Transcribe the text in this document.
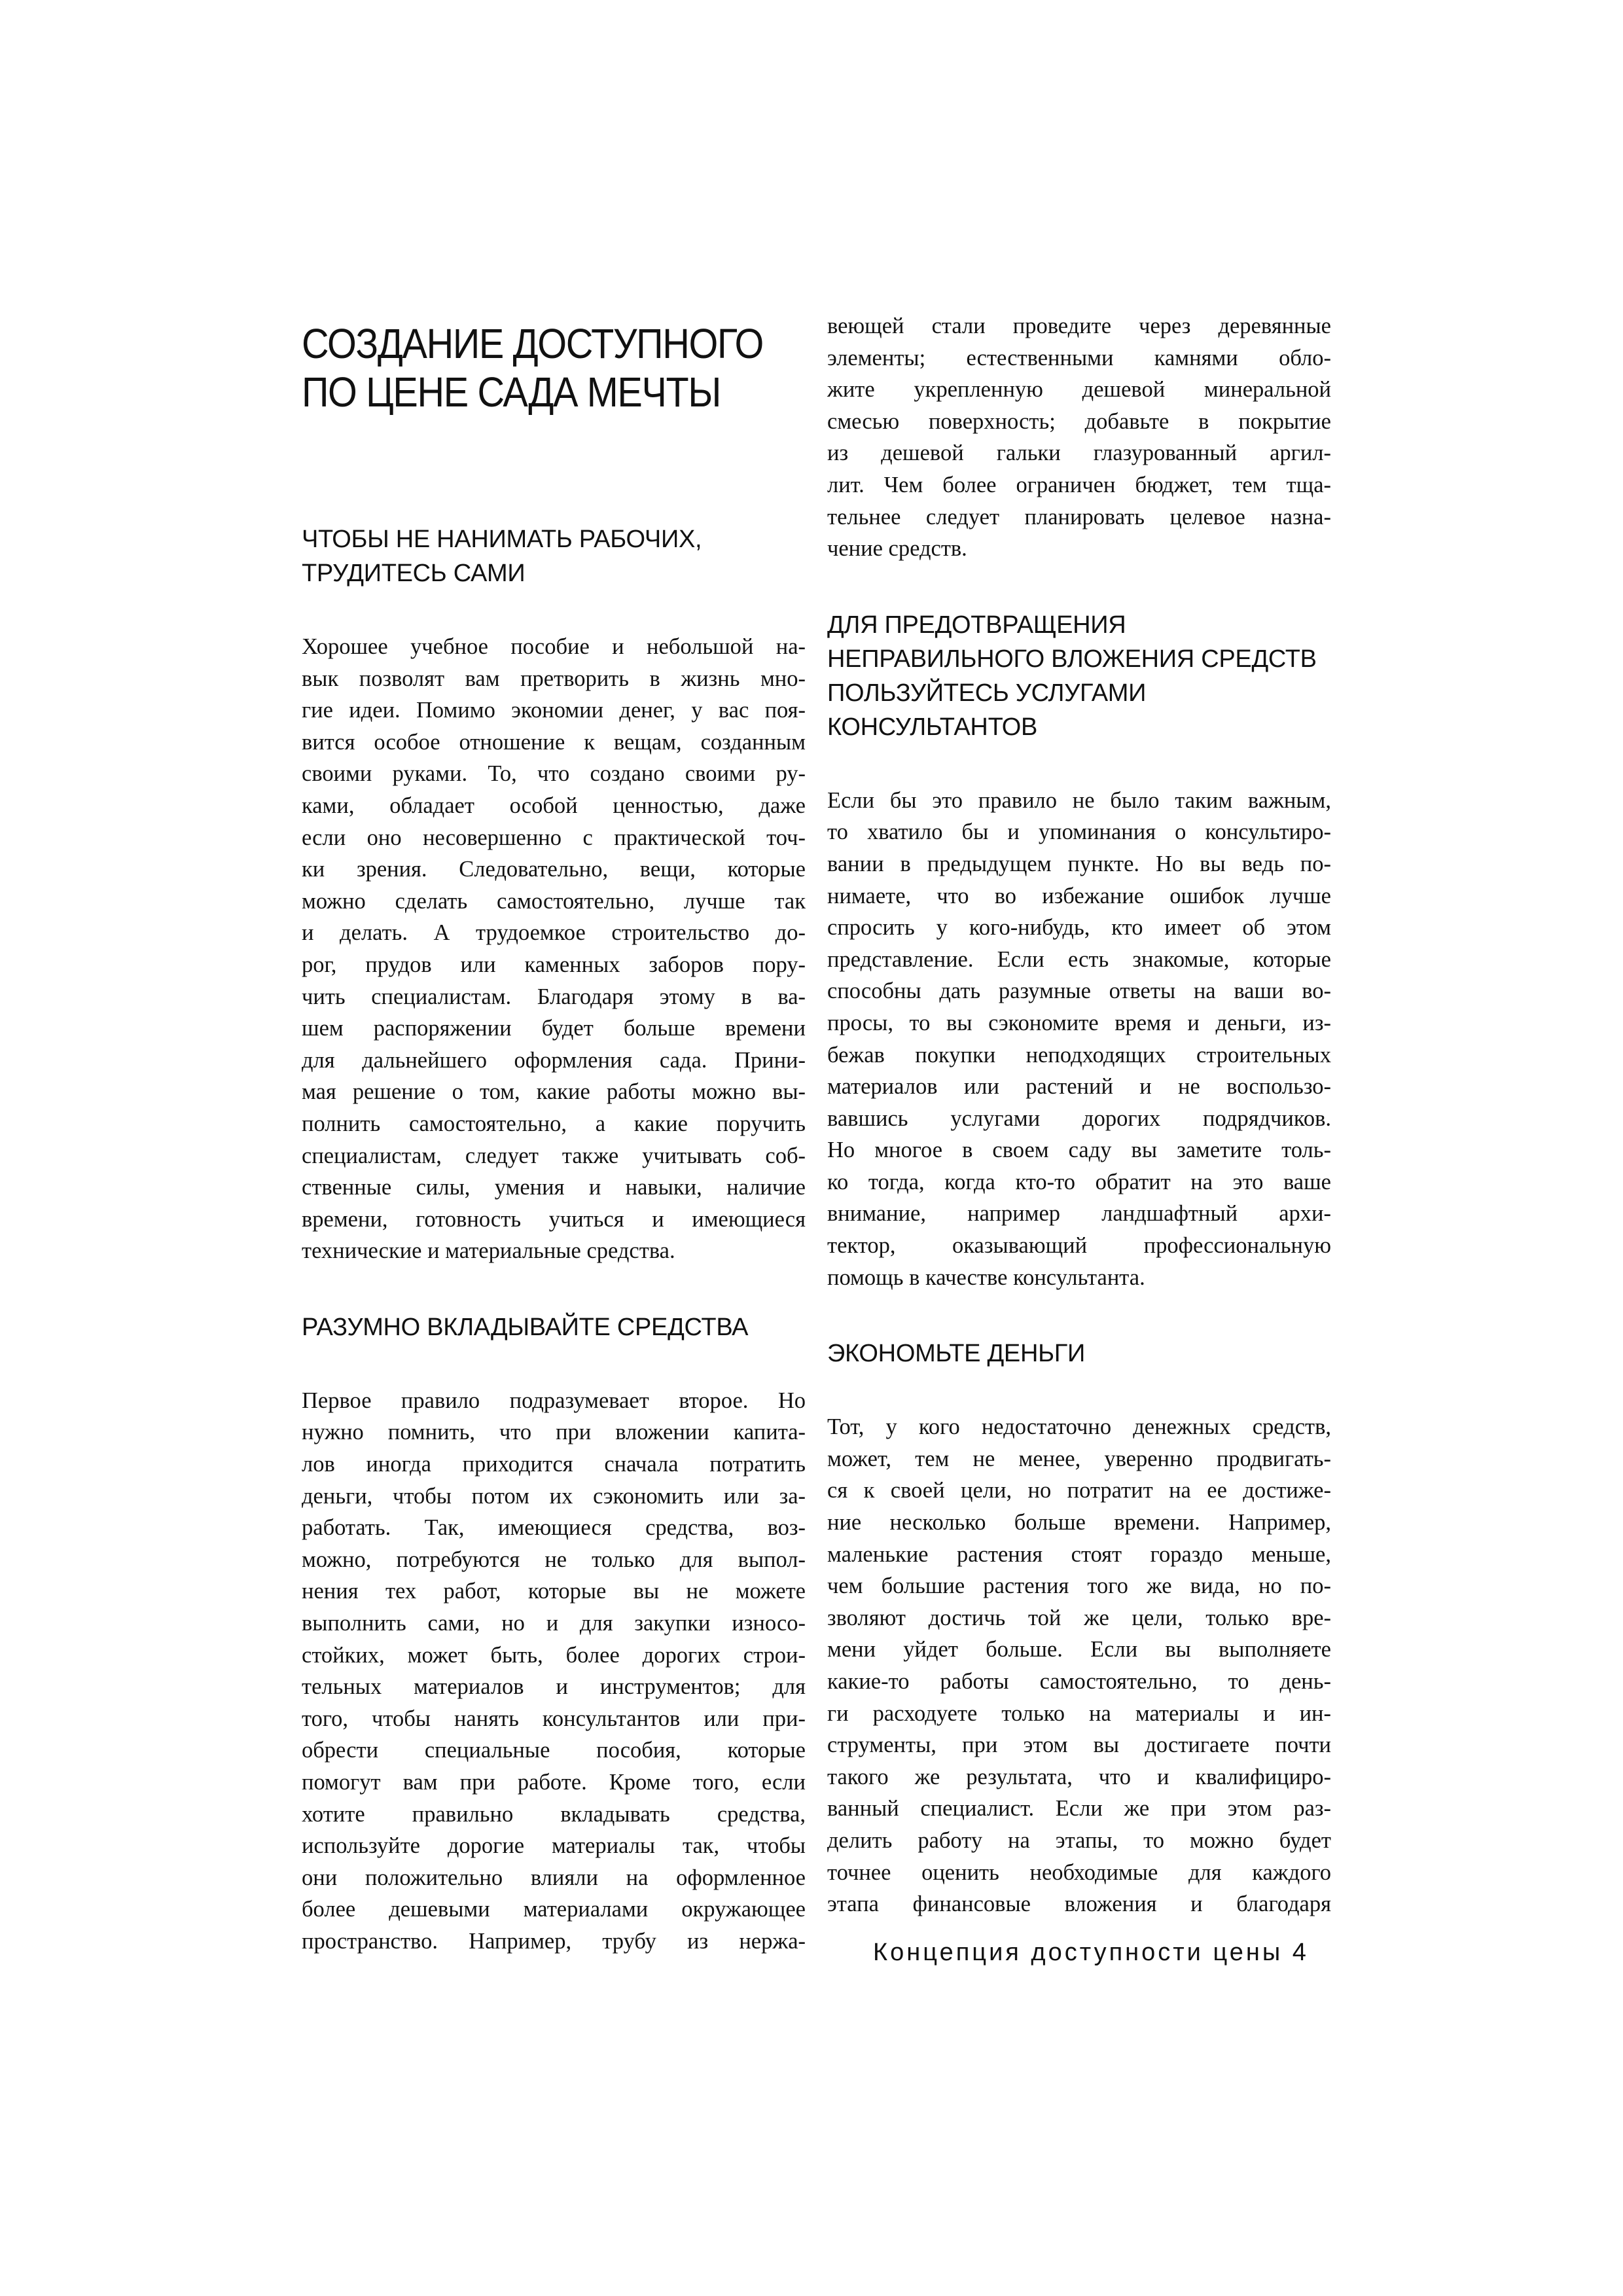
СОЗДАНИЕ ДОСТУПНОГО
ПО ЦЕНЕ САДА МЕЧТЫ
ЧТОБЫ НЕ НАНИМАТЬ РАБОЧИХ,
ТРУДИТЕСЬ САМИ
Хорошее учебное пособие и небольшой на-
вык позволят вам претворить в жизнь мно-
гие идеи. Помимо экономии денег, у вас поя-
вится особое отношение к вещам, созданным
своими руками. То, что создано своими ру-
ками, обладает особой ценностью, даже
если оно несовершенно с практической точ-
ки зрения. Следовательно, вещи, которые
можно сделать самостоятельно, лучше так
и делать. А трудоемкое строительство до-
рог, прудов или каменных заборов пору-
чить специалистам. Благодаря этому в ва-
шем распоряжении будет больше времени
для дальнейшего оформления сада. Прини-
мая решение о том, какие работы можно вы-
полнить самостоятельно, а какие поручить
специалистам, следует также учитывать соб-
ственные силы, умения и навыки, наличие
времени, готовность учиться и имеющиеся
технические и материальные средства.
РАЗУМНО ВКЛАДЫВАЙТЕ СРЕДСТВА
Первое правило подразумевает второе. Но
нужно помнить, что при вложении капита-
лов иногда приходится сначала потратить
деньги, чтобы потом их сэкономить или за-
работать. Так, имеющиеся средства, воз-
можно, потребуются не только для выпол-
нения тех работ, которые вы не можете
выполнить сами, но и для закупки износо-
стойких, может быть, более дорогих строи-
тельных материалов и инструментов; для
того, чтобы нанять консультантов или при-
обрести специальные пособия, которые
помогут вам при работе. Кроме того, если
хотите правильно вкладывать средства,
используйте дорогие материалы так, чтобы
они положительно влияли на оформленное
более дешевыми материалами окружающее
пространство. Например, трубу из нержа-
веющей стали проведите через деревянные
элементы; естественными камнями обло-
жите укрепленную дешевой минеральной
смесью поверхность; добавьте в покрытие
из дешевой гальки глазурованный аргил-
лит. Чем более ограничен бюджет, тем тща-
тельнее следует планировать целевое назна-
чение средств.
ДЛЯ ПРЕДОТВРАЩЕНИЯ
НЕПРАВИЛЬНОГО ВЛОЖЕНИЯ СРЕДСТВ
ПОЛЬЗУЙТЕСЬ УСЛУГАМИ
КОНСУЛЬТАНТОВ
Если бы это правило не было таким важным,
то хватило бы и упоминания о консультиро-
вании в предыдущем пункте. Но вы ведь по-
нимаете, что во избежание ошибок лучше
спросить у кого-нибудь, кто имеет об этом
представление. Если есть знакомые, которые
способны дать разумные ответы на ваши во-
просы, то вы сэкономите время и деньги, из-
бежав покупки неподходящих строительных
материалов или растений и не воспользо-
вавшись услугами дорогих подрядчиков.
Но многое в своем саду вы заметите толь-
ко тогда, когда кто-то обратит на это ваше
внимание, например ландшафтный архи-
тектор, оказывающий профессиональную
помощь в качестве консультанта.
ЭКОНОМЬТЕ ДЕНЬГИ
Тот, у кого недостаточно денежных средств,
может, тем не менее, уверенно продвигать-
ся к своей цели, но потратит на ее достиже-
ние несколько больше времени. Например,
маленькие растения стоят гораздо меньше,
чем большие растения того же вида, но по-
зволяют достичь той же цели, только вре-
мени уйдет больше. Если вы выполняете
какие-то работы самостоятельно, то день-
ги расходуете только на материалы и ин-
струменты, при этом вы достигаете почти
такого же результата, что и квалифициро-
ванный специалист. Если же при этом раз-
делить работу на этапы, то можно будет
точнее оценить необходимые для каждого
этапа финансовые вложения и благодаря
Концепция доступности цены 4
